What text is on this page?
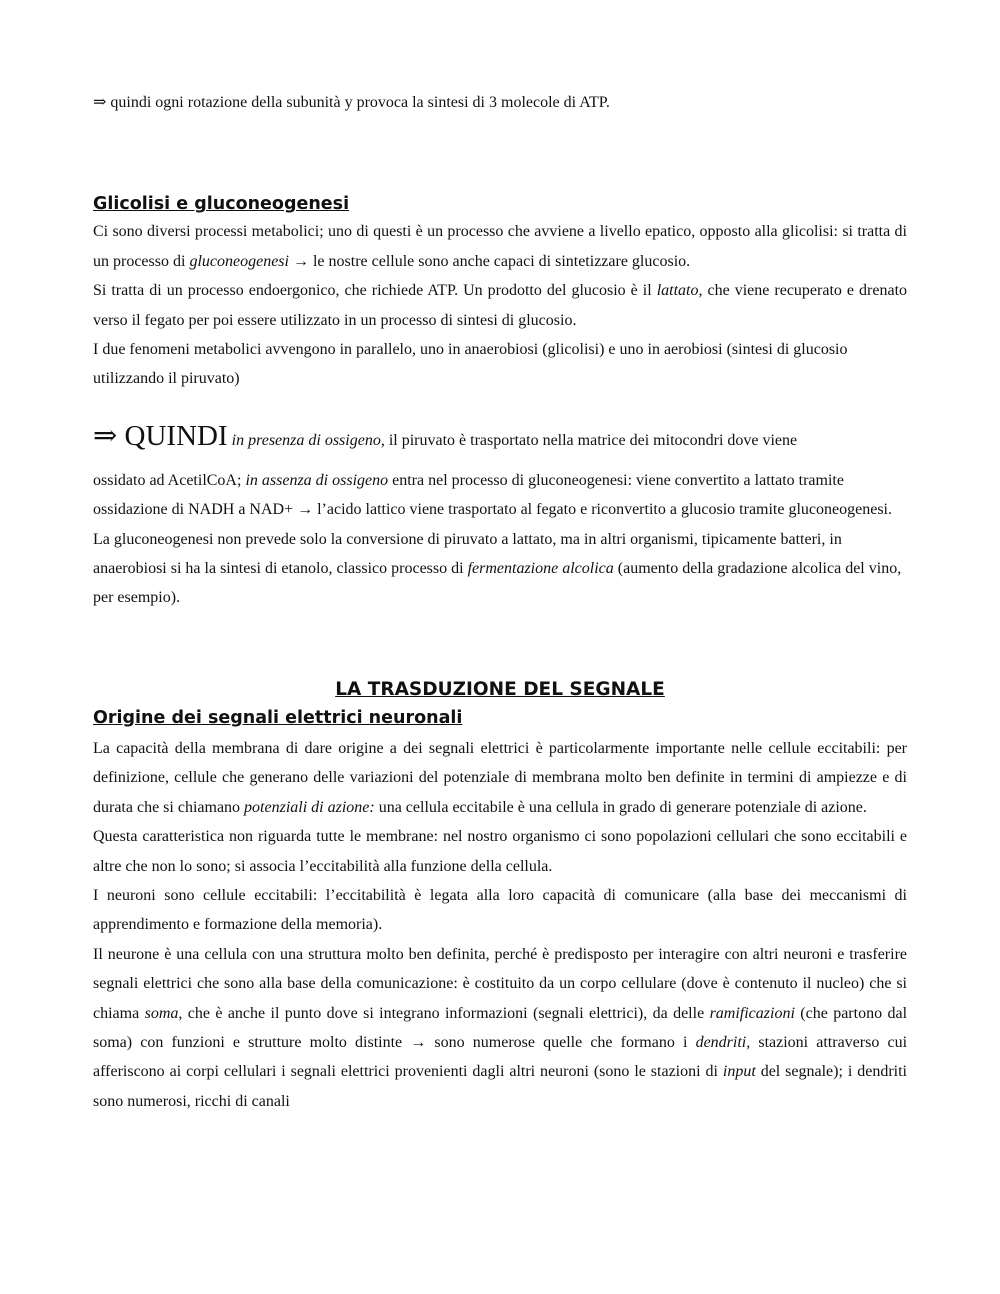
⇒ quindi ogni rotazione della subunità y provoca la sintesi di 3 molecole di ATP.

Glicolisi e gluconeogenesi

Ci sono diversi processi metabolici; uno di questi è un processo che avviene a livello epatico, opposto alla glicolisi: si tratta di un processo di gluconeogenesi → le nostre cellule sono anche capaci di sintetizzare glucosio.

Si tratta di un processo endoergonico, che richiede ATP. Un prodotto del glucosio è il lattato, che viene recuperato e drenato verso il fegato per poi essere utilizzato in un processo di sintesi di glucosio.

I due fenomeni metabolici avvengono in parallelo, uno in anaerobiosi (glicolisi) e uno in aerobiosi (sintesi di glucosio utilizzando il piruvato)

⇒ QUINDI in presenza di ossigeno, il piruvato è trasportato nella matrice dei mitocondri dove viene

ossidato ad AcetilCoA; in assenza di ossigeno entra nel processo di gluconeogenesi: viene convertito a lattato tramite ossidazione di NADH a NAD+ → l’acido lattico viene trasportato al fegato e riconvertito a glucosio tramite gluconeogenesi.

La gluconeogenesi non prevede solo la conversione di piruvato a lattato, ma in altri organismi, tipicamente batteri, in anaerobiosi si ha la sintesi di etanolo, classico processo di fermentazione alcolica (aumento della gradazione alcolica del vino, per esempio).

LA TRASDUZIONE DEL SEGNALE
Origine dei segnali elettrici neuronali

La capacità della membrana di dare origine a dei segnali elettrici è particolarmente importante nelle cellule eccitabili: per definizione, cellule che generano delle variazioni del potenziale di membrana molto ben definite in termini di ampiezze e di durata che si chiamano potenziali di azione: una cellula eccitabile è una cellula in grado di generare potenziale di azione.

Questa caratteristica non riguarda tutte le membrane: nel nostro organismo ci sono popolazioni cellulari che sono eccitabili e altre che non lo sono; si associa l’eccitabilità alla funzione della cellula.

I neuroni sono cellule eccitabili: l’eccitabilità è legata alla loro capacità di comunicare (alla base dei meccanismi di apprendimento e formazione della memoria).

Il neurone è una cellula con una struttura molto ben definita, perché è predisposto per interagire con altri neuroni e trasferire segnali elettrici che sono alla base della comunicazione: è costituito da un corpo cellulare (dove è contenuto il nucleo) che si chiama soma, che è anche il punto dove si integrano informazioni (segnali elettrici), da delle ramificazioni (che partono dal soma) con funzioni e strutture molto distinte → sono numerose quelle che formano i dendriti, stazioni attraverso cui afferiscono ai corpi cellulari i segnali elettrici provenienti dagli altri neuroni (sono le stazioni di input del segnale); i dendriti sono numerosi, ricchi di canali
